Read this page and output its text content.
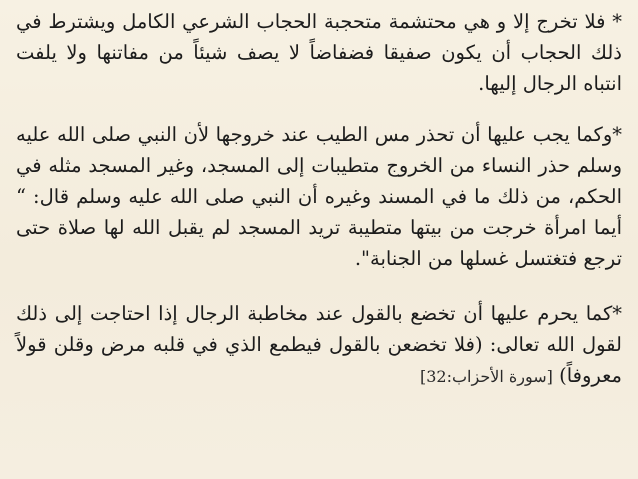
* فلا تخرج إلا و هي محتشمة متحجبة الحجاب الشرعي الكامل ويشترط في ذلك الحجاب أن يكون صفيقا فضفاضاً لا يصف شيئاً من مفاتنها ولا يلفت انتباه الرجال إليها.

*وكما يجب عليها أن تحذر مس الطيب عند خروجها لأن النبي صلى الله عليه وسلم حذر النساء من الخروج متطيبات إلى المسجد، وغير المسجد مثله في الحكم، من ذلك ما في المسند وغيره أن النبي صلى الله عليه وسلم قال: “ أيما امرأة خرجت من بيتها متطيبة تريد المسجد لم يقبل الله لها صلاة حتى ترجع فتغتسل غسلها من الجنابة".

*كما يحرم عليها أن تخضع بالقول عند مخاطبة الرجال إذا احتاجت إلى ذلك لقول الله تعالى: (فلا تخضعن بالقول فيطمع الذي في قلبه مرض وقلن قولاً معروفاً) [سورة الأحزاب:32]
